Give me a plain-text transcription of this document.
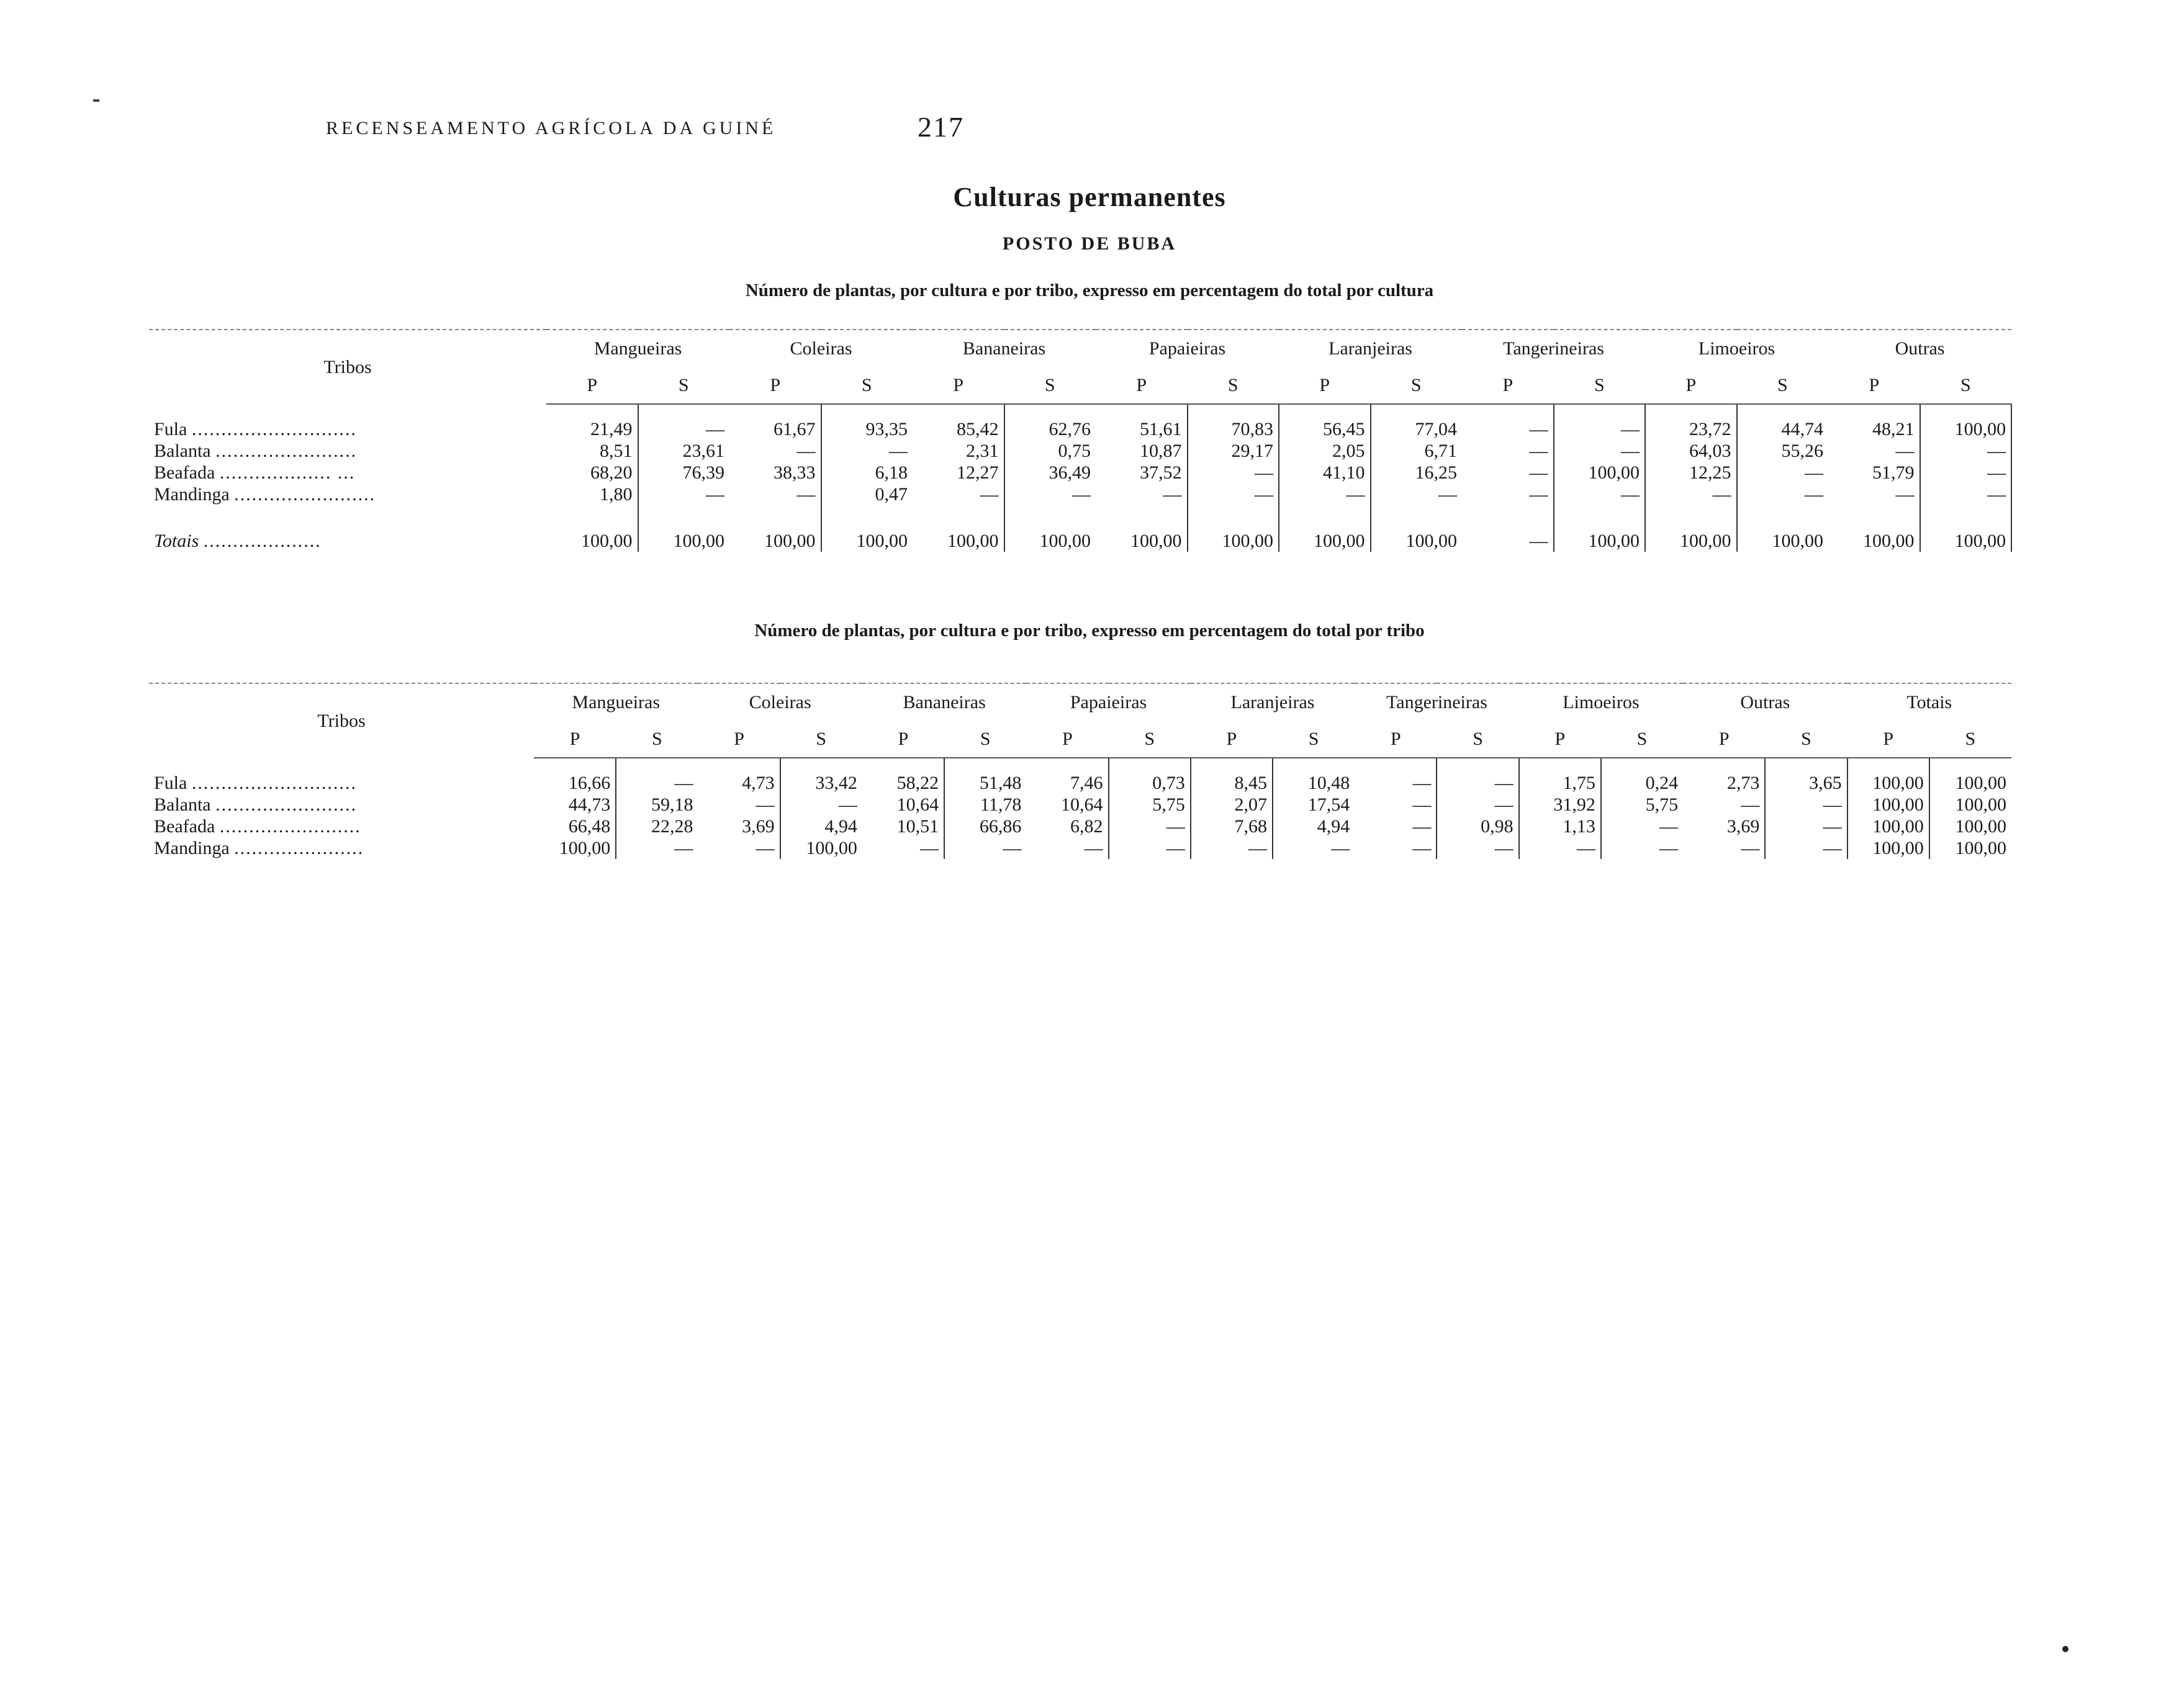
RECENSEAMENTO AGRÍCOLA DA GUINÉ	217
Culturas permanentes
POSTO DE BUBA
Número de plantas, por cultura e por tribo, expresso em percentagem do total por cultura
Número de plantas, por cultura e por tribo, expresso em percentagem do total por tribo
Tribos	Mangueiras		Coleiras		Bananeiras		Papaieiras		Laranjeiras		Tangerineiras		Limoeiros		Outras	
	P	S	P	S	P	S	P	S	P	S	P	S	P	S	P	S
Fula ............................	21,49	—	61,67	93,35	85,42	62,76	51,61	70,83	56,45	77,04	—	—	23,72	44,74	48,21	100,00
Balanta ........................	8,51	23,61	—	—	2,31	0,75	10,87	29,17	2,05	6,71	—	—	64,03	55,26	—	—
Beafada ................... ...	68,20	76,39	38,33	6,18	12,27	36,49	37,52	—	41,10	16,25	—	100,00	12,25	—	51,79	—
Mandinga ........................	1,80	—	—	0,47	—	—	—	—	—	—	—	—	—	—	—	—
Totais ....................	100,00	100,00	100,00	100,00	100,00	100,00	100,00	100,00	100,00	100,00	—	100,00	100,00	100,00	100,00	100,00
Tribos	Mangueiras		Coleiras		Bananeiras		Papaieiras		Laranjeiras		Tangerineiras		Limoeiros		Outras		Totais	
	P	S	P	S	P	S	P	S	P	S	P	S	P	S	P	S	P	S
Fula ............................	16,66	—	4,73	33,42	58,22	51,48	7,46	0,73	8,45	10,48	—	—	1,75	0,24	2,73	3,65	100,00	100,00
Balanta ........................	44,73	59,18	—	—	10,64	11,78	10,64	5,75	2,07	17,54	—	—	31,92	5,75	—	—	100,00	100,00
Beafada ........................	66,48	22,28	3,69	4,94	10,51	66,86	6,82	—	7,68	4,94	—	0,98	1,13	—	3,69	—	100,00	100,00
Mandinga ......................	100,00	—	—	100,00	—	—	—	—	—	—	—	—	—	—	—	—	100,00	100,00
